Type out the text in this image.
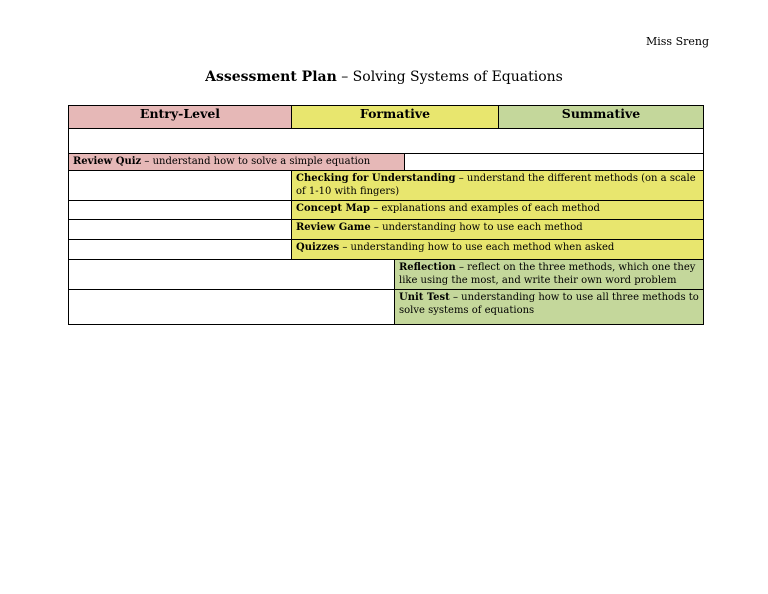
Miss Sreng
Assessment Plan – Solving Systems of Equations
Entry-Level	Formative	Summative
Review Quiz – understand how to solve a simple equation
Checking for Understanding – understand the different methods (on a scale of 1-10 with fingers)
Concept Map – explanations and examples of each method
Review Game – understanding how to use each method
Quizzes – understanding how to use each method when asked
Reflection – reflect on the three methods, which one they like using the most, and write their own word problem
Unit Test – understanding how to use all three methods to solve systems of equations
